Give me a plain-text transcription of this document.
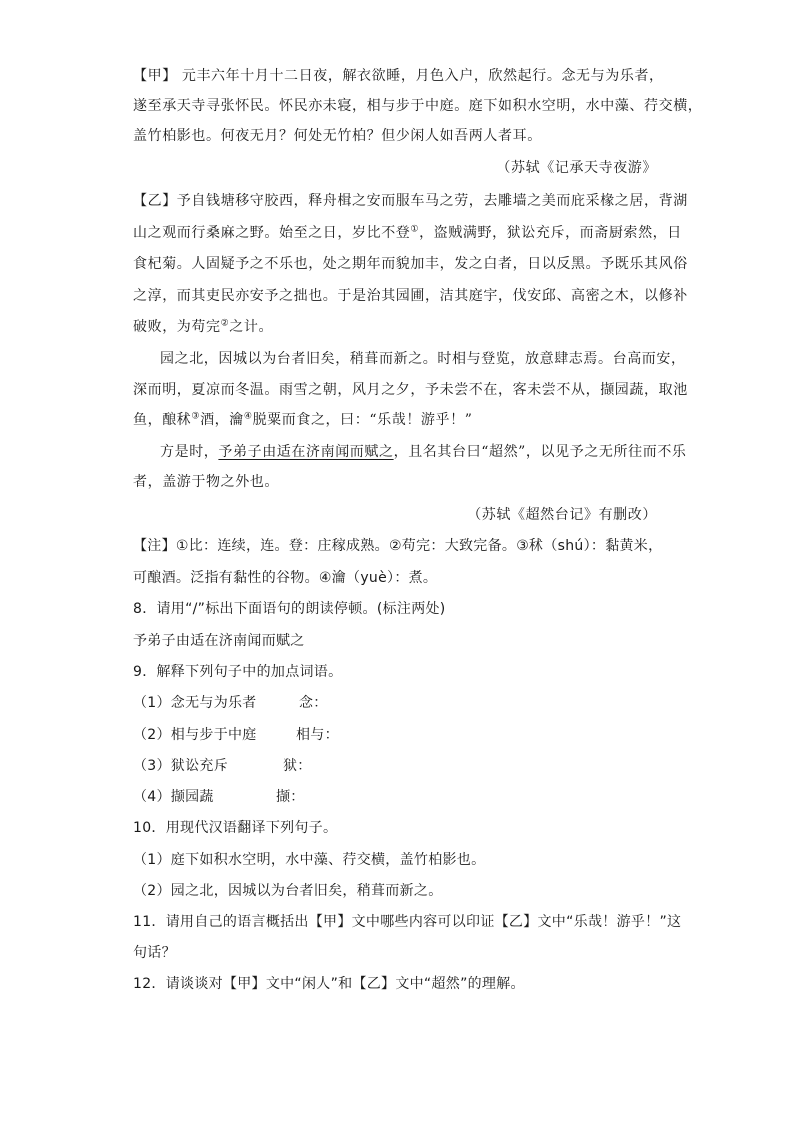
【甲】 元丰六年十月十二日夜，解衣欲睡，月色入户，欣然起行。念无与为乐者，
遂至承天寺寻张怀民。怀民亦未寝，相与步于中庭。庭下如积水空明，水中藻、荇交横，
盖竹柏影也。何夜无月？何处无竹柏？但少闲人如吾两人者耳。
（苏轼《记承天寺夜游》
【乙】予自钱塘移守胶西，释舟楫之安而服车马之劳，去雕墙之美而庇采椽之居，背湖
山之观而行桑麻之野。始至之日，岁比不登①，盗贼满野，狱讼充斥，而斋厨索然，日
食杞菊。人固疑予之不乐也，处之期年而貌加丰，发之白者，日以反黑。予既乐其风俗
之淳，而其吏民亦安予之拙也。于是治其园圃，洁其庭宇，伐安邱、高密之木，以修补
破败，为苟完②之计。
园之北，因城以为台者旧矣，稍葺而新之。时相与登览，放意肆志焉。台高而安，
深而明，夏凉而冬温。雨雪之朝，风月之夕，予未尝不在，客未尝不从，撷园蔬，取池
鱼，酿秫③酒，瀹④脱粟而食之，曰：“乐哉！游乎！”
方是时，予弟子由适在济南闻而赋之，且名其台曰“超然”，以见予之无所往而不乐
者，盖游于物之外也。
（苏轼《超然台记》有删改）
【注】①比：连续，连。登：庄稼成熟。②苟完：大致完备。③秫（shú）：黏黄米，
可酿酒。泛指有黏性的谷物。④瀹（yuè）：煮。
8．请用“/”标出下面语句的朗读停顿。(标注两处)
予弟子由适在济南闻而赋之
9．解释下列句子中的加点词语。
（1）念无与为乐者	念：
（2）相与步于中庭	相与：
（3）狱讼充斥	狱：
（4）撷园蔬	撷：
10．用现代汉语翻译下列句子。
（1）庭下如积水空明，水中藻、荇交横，盖竹柏影也。
（2）园之北，因城以为台者旧矣，稍葺而新之。
11．请用自己的语言概括出【甲】文中哪些内容可以印证【乙】文中“乐哉！游乎！”这
句话？
12．请谈谈对【甲】文中“闲人”和【乙】文中“超然”的理解。
